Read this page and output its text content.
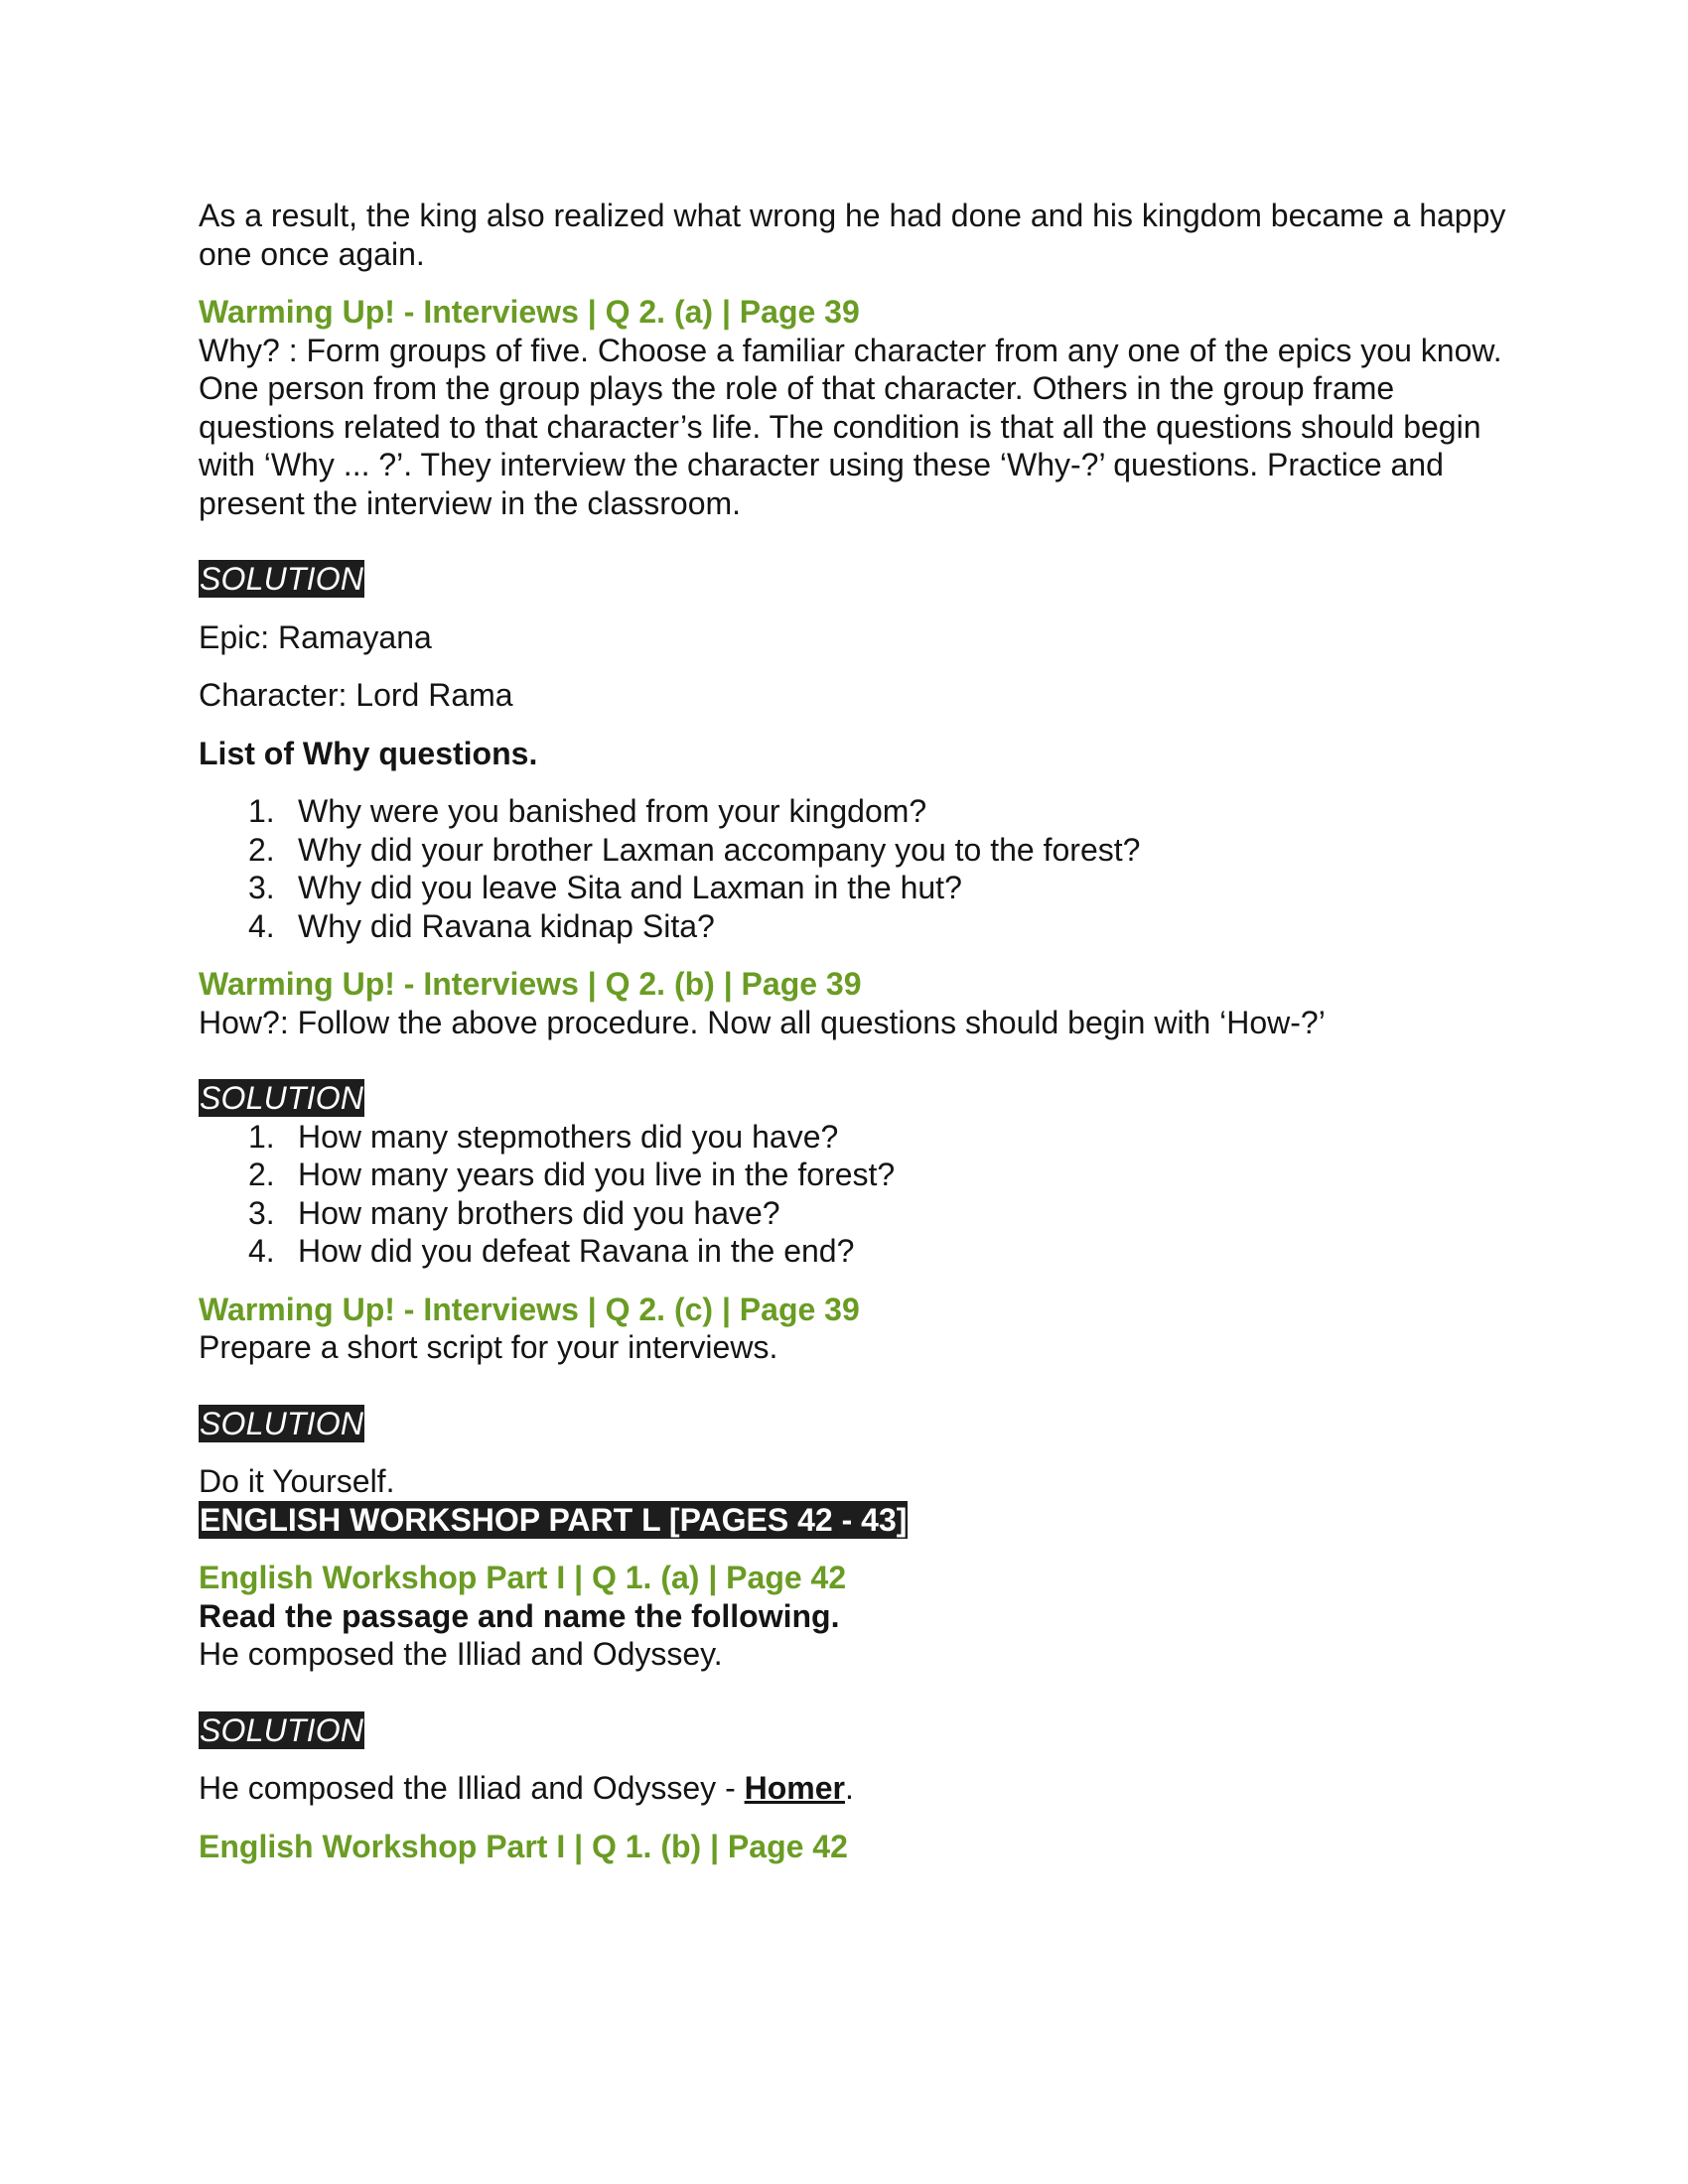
As a result, the king also realized what wrong he had done and his kingdom became a happy one once again.

Warming Up! - Interviews | Q 2. (a) | Page 39

Why? : Form groups of five. Choose a familiar character from any one of the epics you know. One person from the group plays the role of that character. Others in the group frame questions related to that character’s life. The condition is that all the questions should begin with ‘Why ... ?’. They interview the character using these ‘Why-?’ questions. Practice and present the interview in the classroom.

SOLUTION

Epic: Ramayana

Character: Lord Rama

List of Why questions.

1. Why were you banished from your kingdom?
2. Why did your brother Laxman accompany you to the forest?
3. Why did you leave Sita and Laxman in the hut?
4. Why did Ravana kidnap Sita?

Warming Up! - Interviews | Q 2. (b) | Page 39

How?: Follow the above procedure. Now all questions should begin with ‘How-?’

SOLUTION
1. How many stepmothers did you have?
2. How many years did you live in the forest?
3. How many brothers did you have?
4. How did you defeat Ravana in the end?

Warming Up! - Interviews | Q 2. (c) | Page 39

Prepare a short script for your interviews.

SOLUTION

Do it Yourself.

ENGLISH WORKSHOP PART L [PAGES 42 - 43]

English Workshop Part I | Q 1. (a) | Page 42

Read the passage and name the following.

He composed the Illiad and Odyssey.

SOLUTION

He composed the Illiad and Odyssey - Homer.

English Workshop Part I | Q 1. (b) | Page 42
